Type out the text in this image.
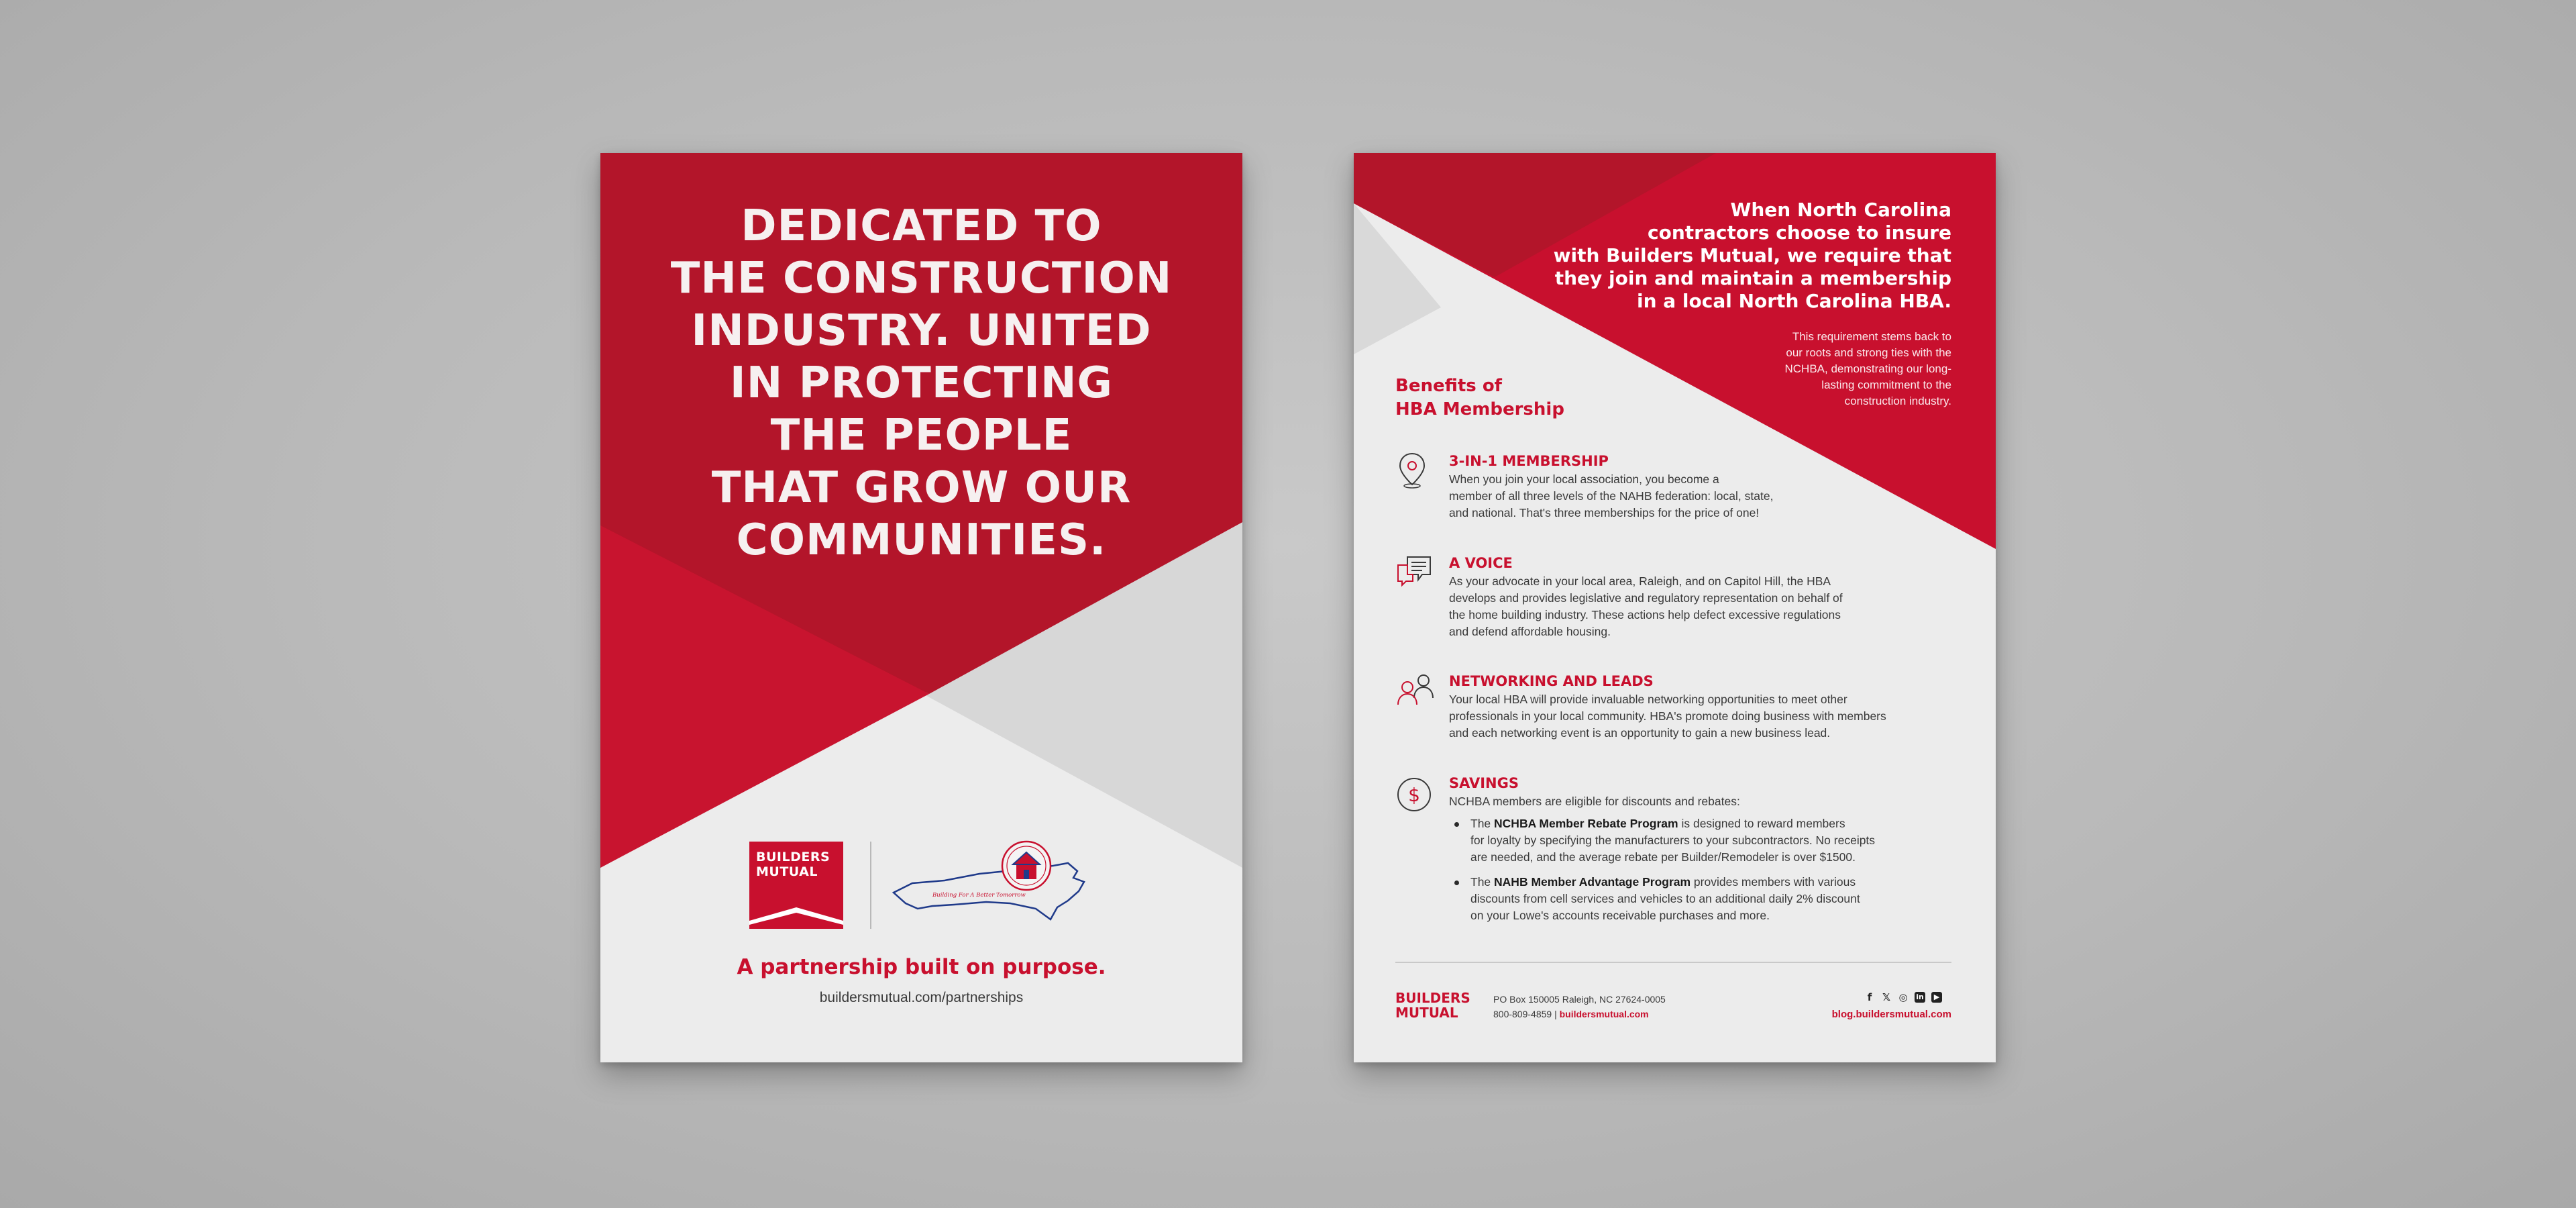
DEDICATED TO
THE CONSTRUCTION
INDUSTRY. UNITED
IN PROTECTING
THE PEOPLE
THAT GROW OUR
COMMUNITIES.
BUILDERS
MUTUAL
Building For A Better Tomorrow
A partnership built on purpose.
buildersmutual.com/partnerships
When North Carolina
contractors choose to insure
with Builders Mutual, we require that
they join and maintain a membership
in a local North Carolina HBA.
This requirement stems back to
our roots and strong ties with the
NCHBA, demonstrating our long-
lasting commitment to the
construction industry.
Benefits of
HBA Membership
3-IN-1 MEMBERSHIP
When you join your local association, you become a
member of all three levels of the NAHB federation: local, state,
and national. That's three memberships for the price of one!
A VOICE
As your advocate in your local area, Raleigh, and on Capitol Hill, the HBA
develops and provides legislative and regulatory representation on behalf of
the home building industry. These actions help defect excessive regulations
and defend affordable housing.
NETWORKING AND LEADS
Your local HBA will provide invaluable networking opportunities to meet other
professionals in your local community. HBA's promote doing business with members
and each networking event is an opportunity to gain a new business lead.
$
SAVINGS
NCHBA members are eligible for discounts and rebates:
The NCHBA Member Rebate Program is designed to reward members
for loyalty by specifying the manufacturers to your subcontractors. No receipts
are needed, and the average rebate per Builder/Remodeler is over $1500.
The NAHB Member Advantage Program provides members with various
discounts from cell services and vehicles to an additional daily 2% discount
on your Lowe's accounts receivable purchases and more.
BUILDERS
MUTUAL
PO Box 150005 Raleigh, NC 27624-0005
800-809-4859 | buildersmutual.com
f	𝕏 ◎ in	▶
blog.buildersmutual.com
